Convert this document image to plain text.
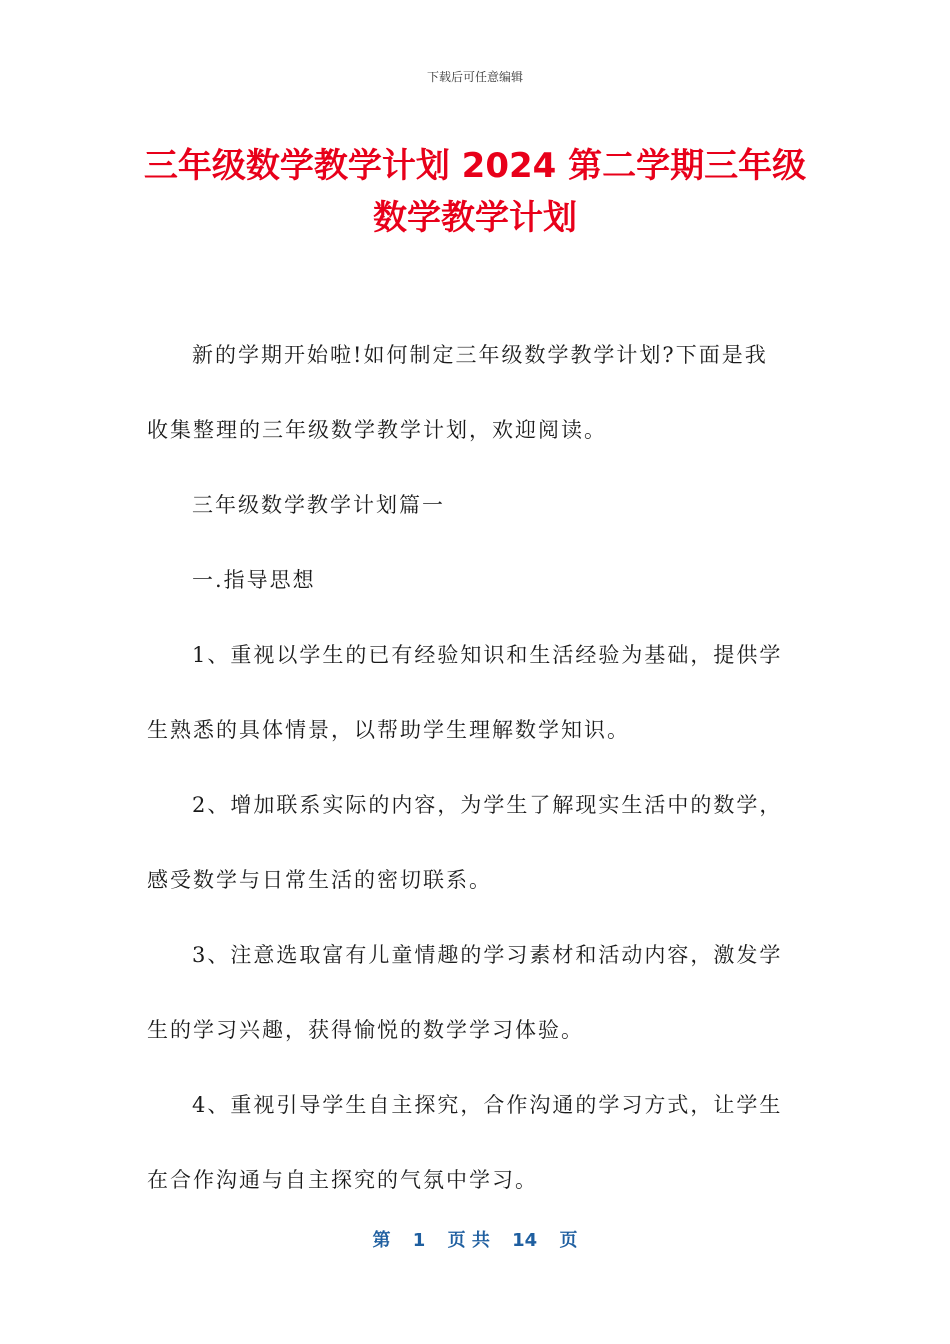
下载后可任意编辑
三年级数学教学计划 2024 第二学期三年级
数学教学计划

新的学期开始啦!如何制定三年级数学教学计划?下面是我
收集整理的三年级数学教学计划，欢迎阅读。

三年级数学教学计划篇一

一.指导思想

1、重视以学生的已有经验知识和生活经验为基础，提供学
生熟悉的具体情景，以帮助学生理解数学知识。

2、增加联系实际的内容，为学生了解现实生活中的数学，
感受数学与日常生活的密切联系。

3、注意选取富有儿童情趣的学习素材和活动内容，激发学
生的学习兴趣，获得愉悦的数学学习体验。

4、重视引导学生自主探究，合作沟通的学习方式，让学生
在合作沟通与自主探究的气氛中学习。

第 1 页 共 14 页
